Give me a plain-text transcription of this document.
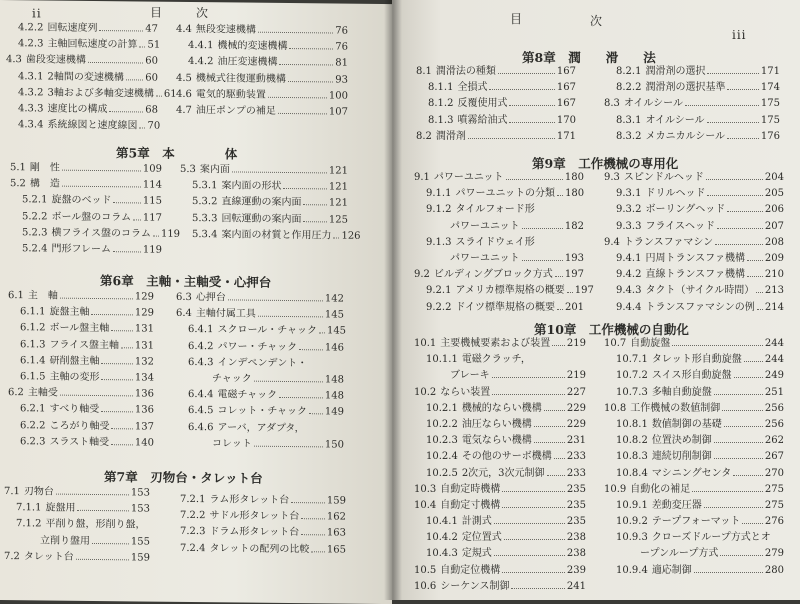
ii	目	次
4.2.2 回転速度列	47
4.2.3 主軸回転速度の計算 51
4.3 歯段変速機構	60
4.3.1 2軸間の変速機構 60
4.3.2 3軸および多軸変速機構 61
4.3.3 速度比の構成	68
4.3.4 系統線図と速度線図 70
4.4 無段変速機構	76
4.4.1 機械的変速機構	76
4.4.2 油圧変速機構	81
4.5 機械式往復運動機構	93
4.6 電気的駆動装置	100
4.7 油圧ポンプの補足	107
第5章　本　　　　体
5.1 剛　性	109
5.2 構　造	114
5.2.1 旋盤のベッド	115
5.2.2 ボール盤のコラム 117
5.2.3 横フライス盤のコラム 119
5.2.4 門形フレーム	119
5.3 案内面	121
5.3.1 案内面の形状	121
5.3.2 直線運動の案内面	121
5.3.3 回転運動の案内面	125
5.3.4 案内面の材質と作用圧力 126
第6章　主軸・主軸受・心押台
6.1 主　軸	129
6.1.1 旋盤主軸	129
6.1.2 ボール盤主軸	131
6.1.3 フライス盤主軸 131
6.1.4 研削盤主軸	132
6.1.5 主軸の変形	134
6.2 主軸受	136
6.2.1 すべり軸受	136
6.2.2 ころがり軸受	137
6.2.3 スラスト軸受	140
6.3 心押台	142
6.4 主軸付属工具	145
6.4.1 スクロール・チャック 145
6.4.2 パワー・チャック	146
6.4.3 インデペンデント・
チャック	148
6.4.4 電磁チャック	148
6.4.5 コレット・チャック 149
6.4.6 アーバ，アダプタ，
コレット	150
第7章　刃物台・タレット台
7.1 刃物台	153
7.1.1 旋盤用	153
7.1.2 平削り盤，形削り盤，
立削り盤用	155
7.2 タレット台	159
7.2.1 ラム形タレット台	159
7.2.2 サドル形タレット台	162
7.2.3 ドラム形タレット台	163
7.2.4 タレットの配列の比較 165
目	次
iii
第8章　潤　　滑　　法
8.1 潤滑法の種類	167
8.1.1 全損式	167
8.1.2 反覆使用式	167
8.1.3 噴霧給油式	170
8.2 潤滑剤	171
8.2.1 潤滑剤の選択	171
8.2.2 潤滑剤の選択基準	174
8.3 オイルシール	175
8.3.1 オイルシール	175
8.3.2 メカニカルシール	176
第9章　工作機械の専用化
9.1 パワーユニット	180
9.1.1 パワーユニットの分類 180
9.1.2 タイルフォード形
パワーユニット	182
9.1.3 スライドウェイ形
パワーユニット	193
9.2 ビルディングブロック方式 197
9.2.1 アメリカ標準規格の概要 197
9.2.2 ドイツ標準規格の概要 201
9.3 スピンドルヘッド	204
9.3.1 ドリルヘッド	205
9.3.2 ボーリングヘッド	206
9.3.3 フライスヘッド	207
9.4 トランスファマシン	208
9.4.1 円周トランスファ機構 209
9.4.2 直線トランスファ機構 210
9.4.3 タクト（サイクル時間） 213
9.4.4 トランスファマシンの例 214
第10章　工作機械の自動化
10.1 主要機械要素および装置 219
10.1.1 電磁クラッチ，
ブレーキ	219
10.2 ならい装置	227
10.2.1 機械的ならい機構	229
10.2.2 油圧ならい機構	229
10.2.3 電気ならい機構	231
10.2.4 その他のサーボ機構 233
10.2.5 2次元，3次元制御 233
10.3 自動定時機構	235
10.4 自動定寸機構	235
10.4.1 計測式	235
10.4.2 定位置式	238
10.4.3 定規式	238
10.5 自動定位機構	239
10.6 シーケンス制御	241
10.7 自動旋盤	244
10.7.1 タレット形自動旋盤 244
10.7.2 スイス形自動旋盤	249
10.7.3 多軸自動旋盤	251
10.8 工作機械の数値制御	256
10.8.1 数値制御の基礎	256
10.8.2 位置決め制御	262
10.8.3 連続切削制御	267
10.8.4 マシニングセンタ	270
10.9 自動化の補足	275
10.9.1 差動変圧器	275
10.9.2 テープフォーマット 276
10.9.3 クローズドループ方式とオ
ープンループ方式	279
10.9.4 適応制御	280
